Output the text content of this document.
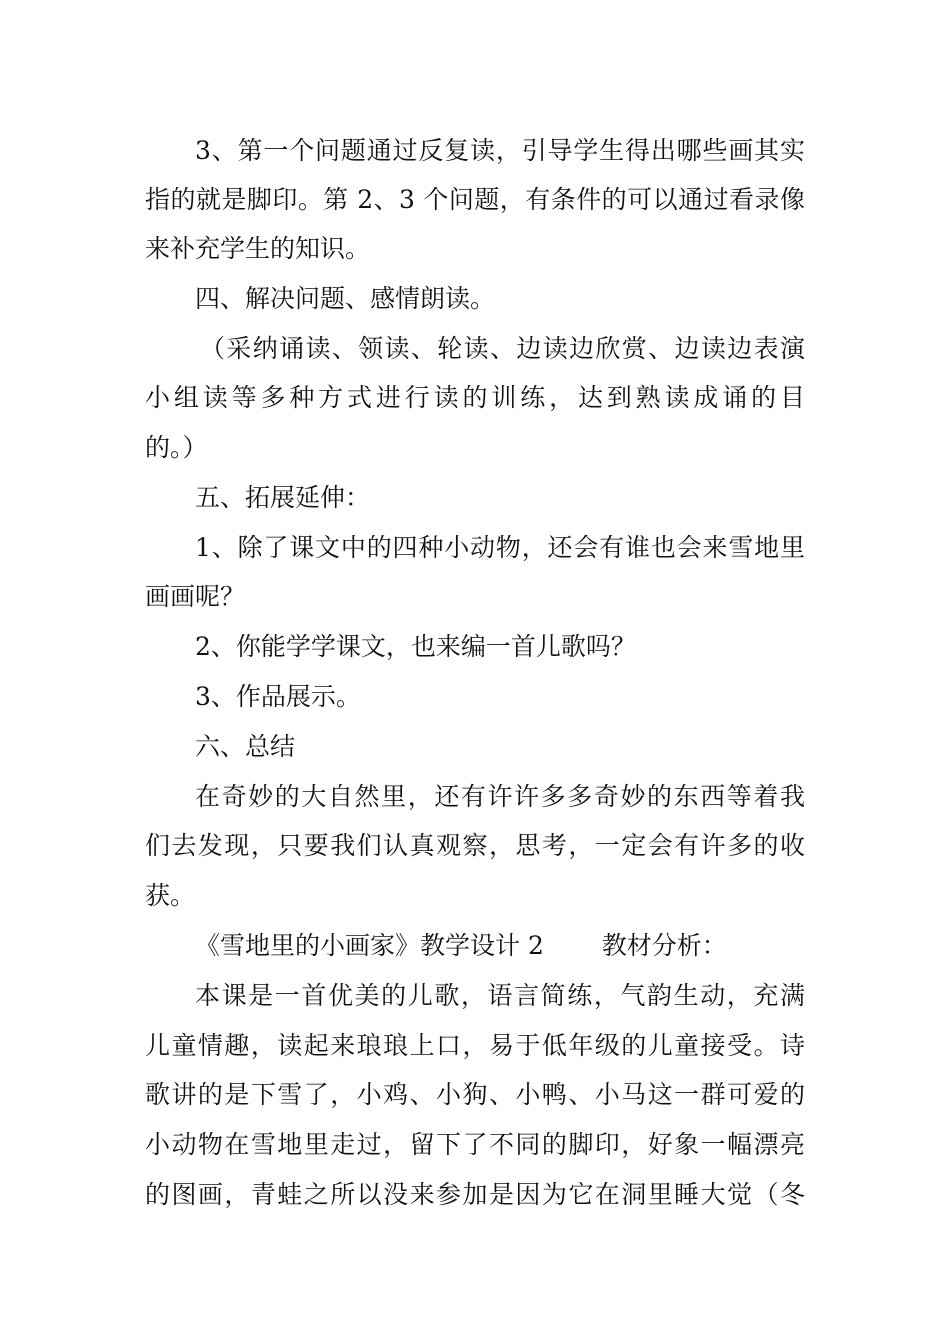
3、第一个问题通过反复读，引导学生得出哪些画其实
指的就是脚印。第 2、3 个问题，有条件的可以通过看录像
来补充学生的知识。
四、解决问题、感情朗读。
（采纳诵读、领读、轮读、边读边欣赏、边读边表演
小组读等多种方式进行读的训练，达到熟读成诵的目
的。）
五、拓展延伸：
1、除了课文中的四种小动物，还会有谁也会来雪地里
画画呢？
2、你能学学课文，也来编一首儿歌吗？
3、作品展示。
六、总结
在奇妙的大自然里，还有许许多多奇妙的东西等着我
们去发现，只要我们认真观察，思考，一定会有许多的收
获。
《雪地里的小画家》教学设计 2　　 教材分析：
本课是一首优美的儿歌，语言简练，气韵生动，充满
儿童情趣，读起来琅琅上口，易于低年级的儿童接受。诗
歌讲的是下雪了，小鸡、小狗、小鸭、小马这一群可爱的
小动物在雪地里走过，留下了不同的脚印，好象一幅漂亮
的图画，青蛙之所以没来参加是因为它在洞里睡大觉（冬
